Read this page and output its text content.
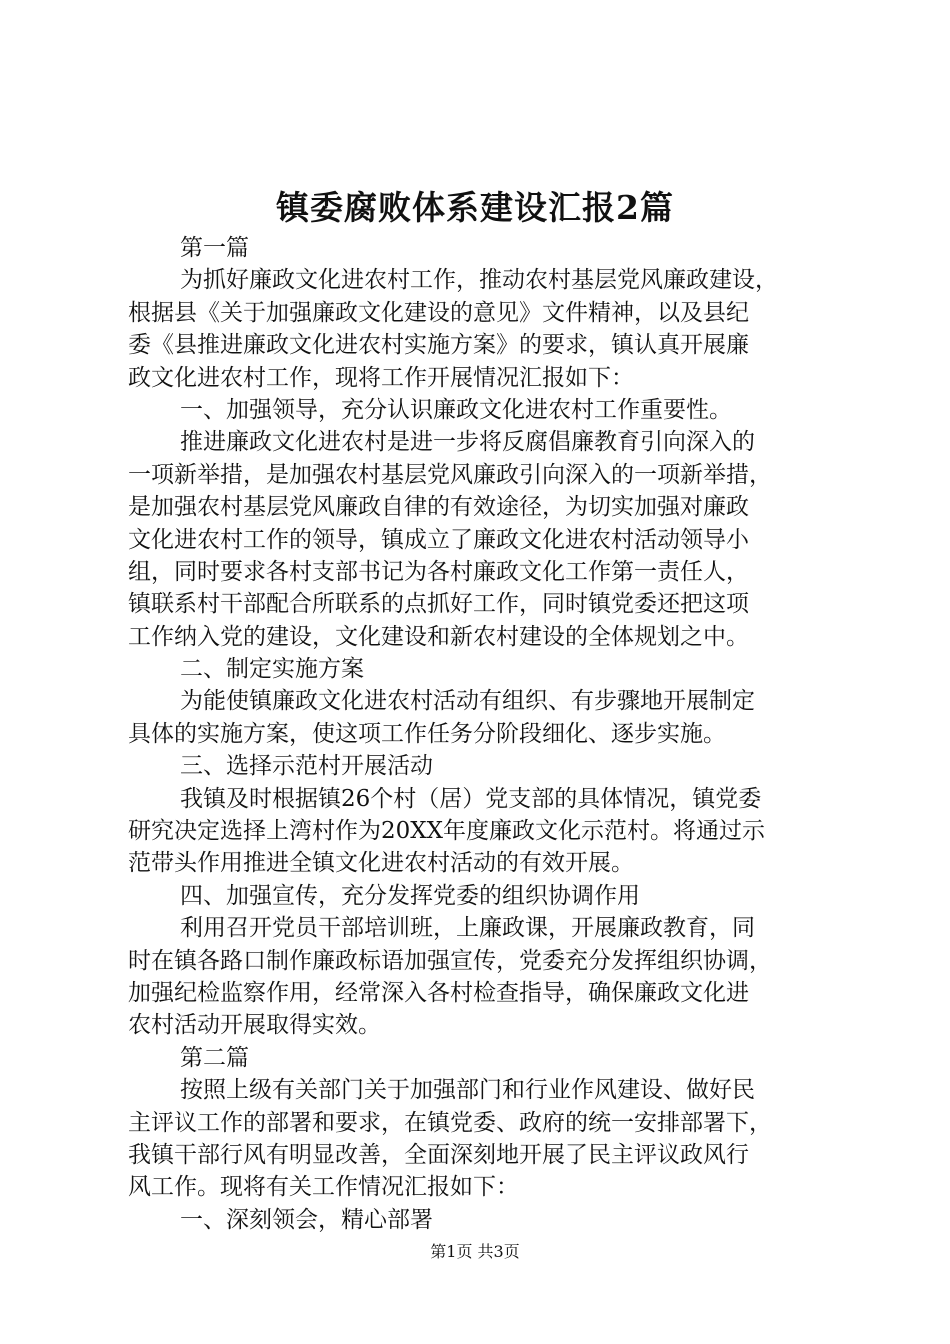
镇委腐败体系建设汇报2篇
第一篇
为抓好廉政文化进农村工作，推动农村基层党风廉政建设，
根据县《关于加强廉政文化建设的意见》文件精神，以及县纪
委《县推进廉政文化进农村实施方案》的要求，镇认真开展廉
政文化进农村工作，现将工作开展情况汇报如下：
一、加强领导，充分认识廉政文化进农村工作重要性。
推进廉政文化进农村是进一步将反腐倡廉教育引向深入的
一项新举措，是加强农村基层党风廉政引向深入的一项新举措，
是加强农村基层党风廉政自律的有效途径，为切实加强对廉政
文化进农村工作的领导，镇成立了廉政文化进农村活动领导小
组，同时要求各村支部书记为各村廉政文化工作第一责任人，
镇联系村干部配合所联系的点抓好工作，同时镇党委还把这项
工作纳入党的建设，文化建设和新农村建设的全体规划之中。
二、制定实施方案
为能使镇廉政文化进农村活动有组织、有步骤地开展制定
具体的实施方案，使这项工作任务分阶段细化、逐步实施。
三、选择示范村开展活动
我镇及时根据镇26个村（居）党支部的具体情况，镇党委
研究决定选择上湾村作为20XX年度廉政文化示范村。将通过示
范带头作用推进全镇文化进农村活动的有效开展。
四、加强宣传，充分发挥党委的组织协调作用
利用召开党员干部培训班，上廉政课，开展廉政教育，同
时在镇各路口制作廉政标语加强宣传，党委充分发挥组织协调，
加强纪检监察作用，经常深入各村检查指导，确保廉政文化进
农村活动开展取得实效。
第二篇
按照上级有关部门关于加强部门和行业作风建设、做好民
主评议工作的部署和要求，在镇党委、政府的统一安排部署下，
我镇干部行风有明显改善，全面深刻地开展了民主评议政风行
风工作。现将有关工作情况汇报如下：
一、深刻领会，精心部署
第1页 共3页
